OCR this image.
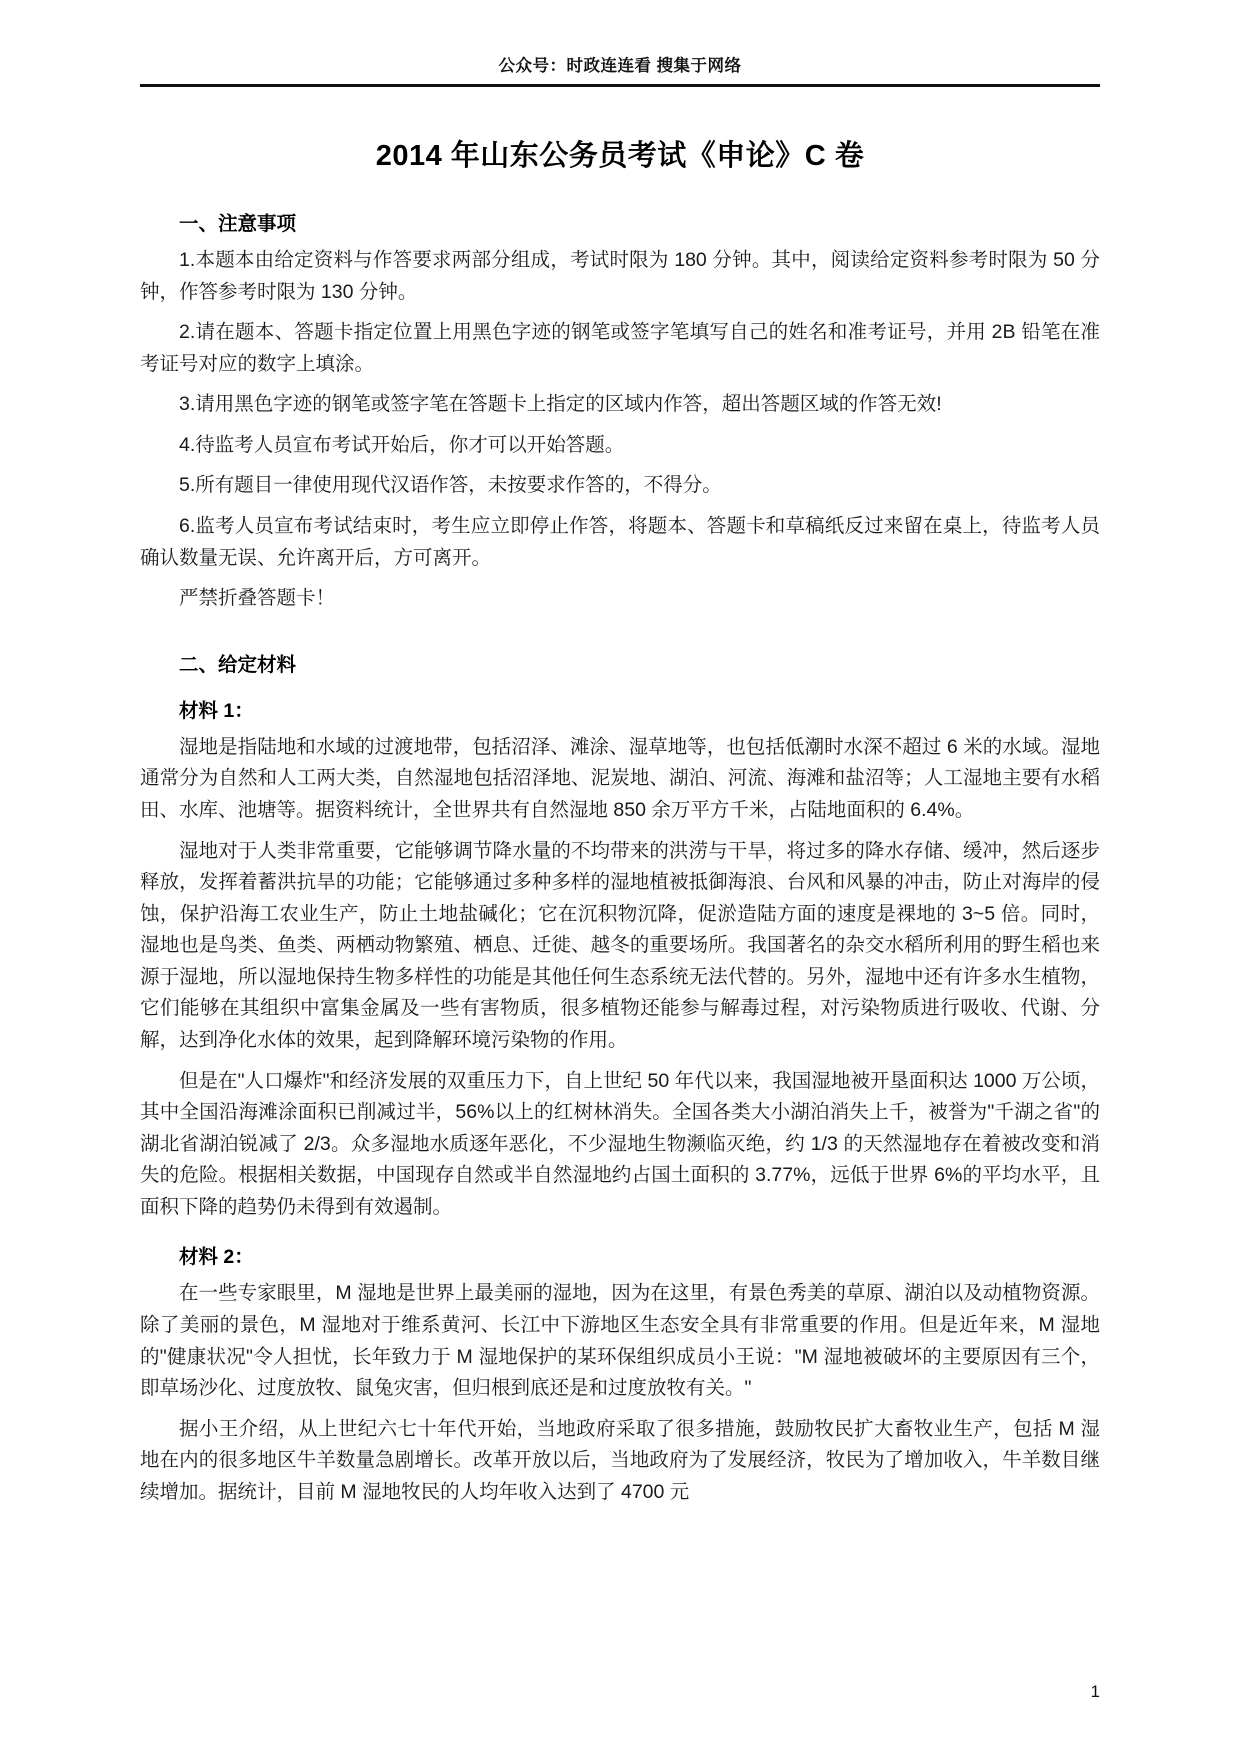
公众号：时政连连看 搜集于网络
2014 年山东公务员考试《申论》C 卷
一、注意事项

1.本题本由给定资料与作答要求两部分组成，考试时限为 180 分钟。其中，阅读给定资料参考时限为 50 分钟，作答参考时限为 130 分钟。

2.请在题本、答题卡指定位置上用黑色字迹的钢笔或签字笔填写自己的姓名和准考证号，并用 2B 铅笔在准考证号对应的数字上填涂。

3.请用黑色字迹的钢笔或签字笔在答题卡上指定的区域内作答，超出答题区域的作答无效!

4.待监考人员宣布考试开始后，你才可以开始答题。

5.所有题目一律使用现代汉语作答，未按要求作答的，不得分。

6.监考人员宣布考试结束时，考生应立即停止作答，将题本、答题卡和草稿纸反过来留在桌上，待监考人员确认数量无误、允许离开后，方可离开。

严禁折叠答题卡！

二、给定材料
材料 1：

湿地是指陆地和水域的过渡地带，包括沼泽、滩涂、湿草地等，也包括低潮时水深不超过 6 米的水域。湿地通常分为自然和人工两大类，自然湿地包括沼泽地、泥炭地、湖泊、河流、海滩和盐沼等；人工湿地主要有水稻田、水库、池塘等。据资料统计，全世界共有自然湿地 850 余万平方千米，占陆地面积的 6.4%。

湿地对于人类非常重要，它能够调节降水量的不均带来的洪涝与干旱，将过多的降水存储、缓冲，然后逐步释放，发挥着蓄洪抗旱的功能；它能够通过多种多样的湿地植被抵御海浪、台风和风暴的冲击，防止对海岸的侵蚀，保护沿海工农业生产，防止土地盐碱化；它在沉积物沉降，促淤造陆方面的速度是裸地的 3~5 倍。同时，湿地也是鸟类、鱼类、两栖动物繁殖、栖息、迁徙、越冬的重要场所。我国著名的杂交水稻所利用的野生稻也来源于湿地，所以湿地保持生物多样性的功能是其他任何生态系统无法代替的。另外，湿地中还有许多水生植物，它们能够在其组织中富集金属及一些有害物质，很多植物还能参与解毒过程，对污染物质进行吸收、代谢、分解，达到净化水体的效果，起到降解环境污染物的作用。

但是在"人口爆炸"和经济发展的双重压力下，自上世纪 50 年代以来，我国湿地被开垦面积达 1000 万公顷，其中全国沿海滩涂面积已削减过半，56%以上的红树林消失。全国各类大小湖泊消失上千，被誉为"千湖之省"的湖北省湖泊锐减了 2/3。众多湿地水质逐年恶化，不少湿地生物濒临灭绝，约 1/3 的天然湿地存在着被改变和消失的危险。根据相关数据，中国现存自然或半自然湿地约占国土面积的 3.77%，远低于世界 6%的平均水平，且面积下降的趋势仍未得到有效遏制。

材料 2：

在一些专家眼里，M 湿地是世界上最美丽的湿地，因为在这里，有景色秀美的草原、湖泊以及动植物资源。除了美丽的景色，M 湿地对于维系黄河、长江中下游地区生态安全具有非常重要的作用。但是近年来，M 湿地的"健康状况"令人担忧，长年致力于 M 湿地保护的某环保组织成员小王说："M 湿地被破坏的主要原因有三个，即草场沙化、过度放牧、鼠兔灾害，但归根到底还是和过度放牧有关。"

据小王介绍，从上世纪六七十年代开始，当地政府采取了很多措施，鼓励牧民扩大畜牧业生产，包括 M 湿地在内的很多地区牛羊数量急剧增长。改革开放以后，当地政府为了发展经济，牧民为了增加收入，牛羊数目继续增加。据统计，目前 M 湿地牧民的人均年收入达到了 4700 元

1
